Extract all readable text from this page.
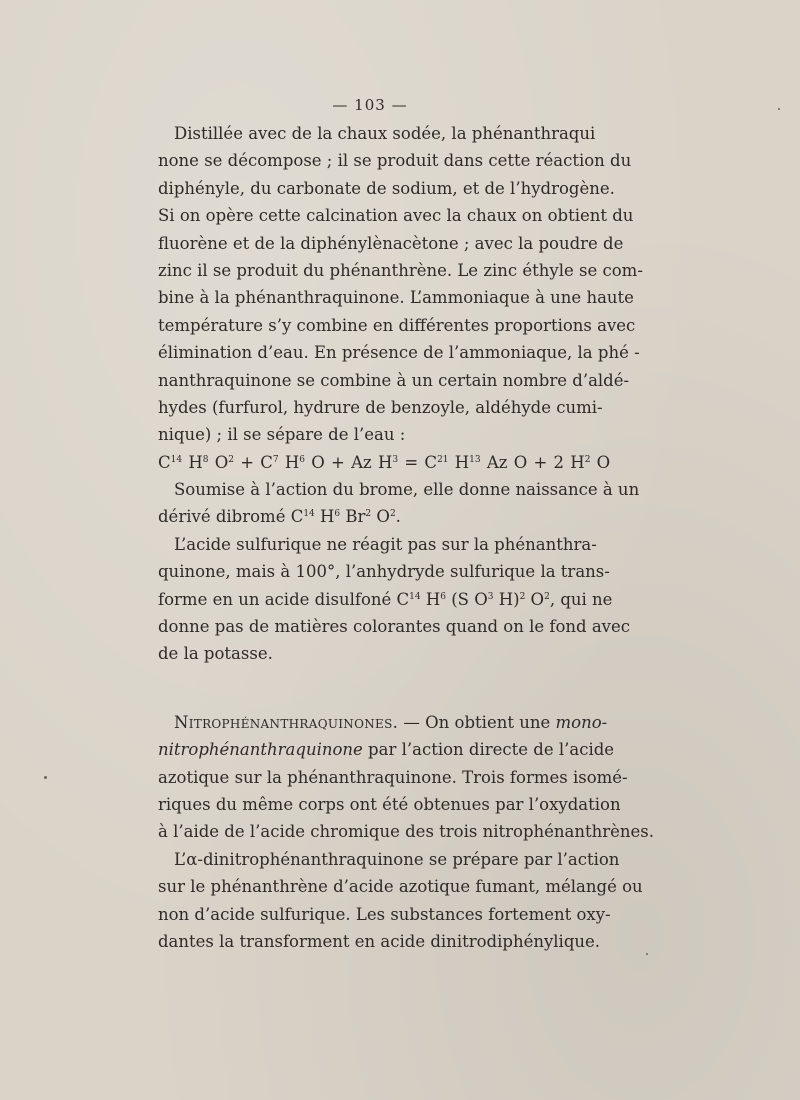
— 103 —
Distillée avec de la chaux sodée, la phénanthraqui
none se décompose ; il se produit dans cette réaction du
diphényle, du carbonate de sodium, et de l’hydrogène.
Si on opère cette calcination avec la chaux on obtient du
fluorène et de la diphénylènacètone ; avec la poudre de
zinc il se produit du phénanthrène. Le zinc éthyle se com-
bine à la phénanthraquinone. L’ammoniaque à une haute
température s’y combine en différentes proportions avec
élimination d’eau. En présence de l’ammoniaque, la phé -
nanthraquinone se combine à un certain nombre d’aldé-
hydes (furfurol, hydrure de benzoyle, aldéhyde cumi-
nique) ; il se sépare de l’eau :
$C^{14}$ $H^8$ $O^2 + C^7$ $H^6$ O + Az $H^3 = C^{21}$ $H^{13}$ Az O + 2 $H^2$ O
Soumise à l’action du brome, elle donne naissance à un
dérivé dibromé $C^{14}$ $H^6$ Br$^2$ $O^2$.
L’acide sulfurique ne réagit pas sur la phénanthra-
quinone, mais à 100°, l’anhydryde sulfurique la trans-
forme en un acide disulfoné $C^{14}$ $H^6$ (S $O^3$ H)$^2$ $O^2$, qui ne
donne pas de matières colorantes quand on le fond avec
de la potasse.
Nitrophénanthraquinones. — On obtient une mono-
nitrophénanthraquinone par l’action directe de l’acide
azotique sur la phénanthraquinone. Trois formes isomé-
riques du même corps ont été obtenues par l’oxydation
à l’aide de l’acide chromique des trois nitrophénanthrènes.
L’α-dinitrophénanthraquinone se prépare par l’action
sur le phénanthrène d’acide azotique fumant, mélangé ou
non d’acide sulfurique. Les substances fortement oxy-
dantes la transforment en acide dinitrodiphénylique.
